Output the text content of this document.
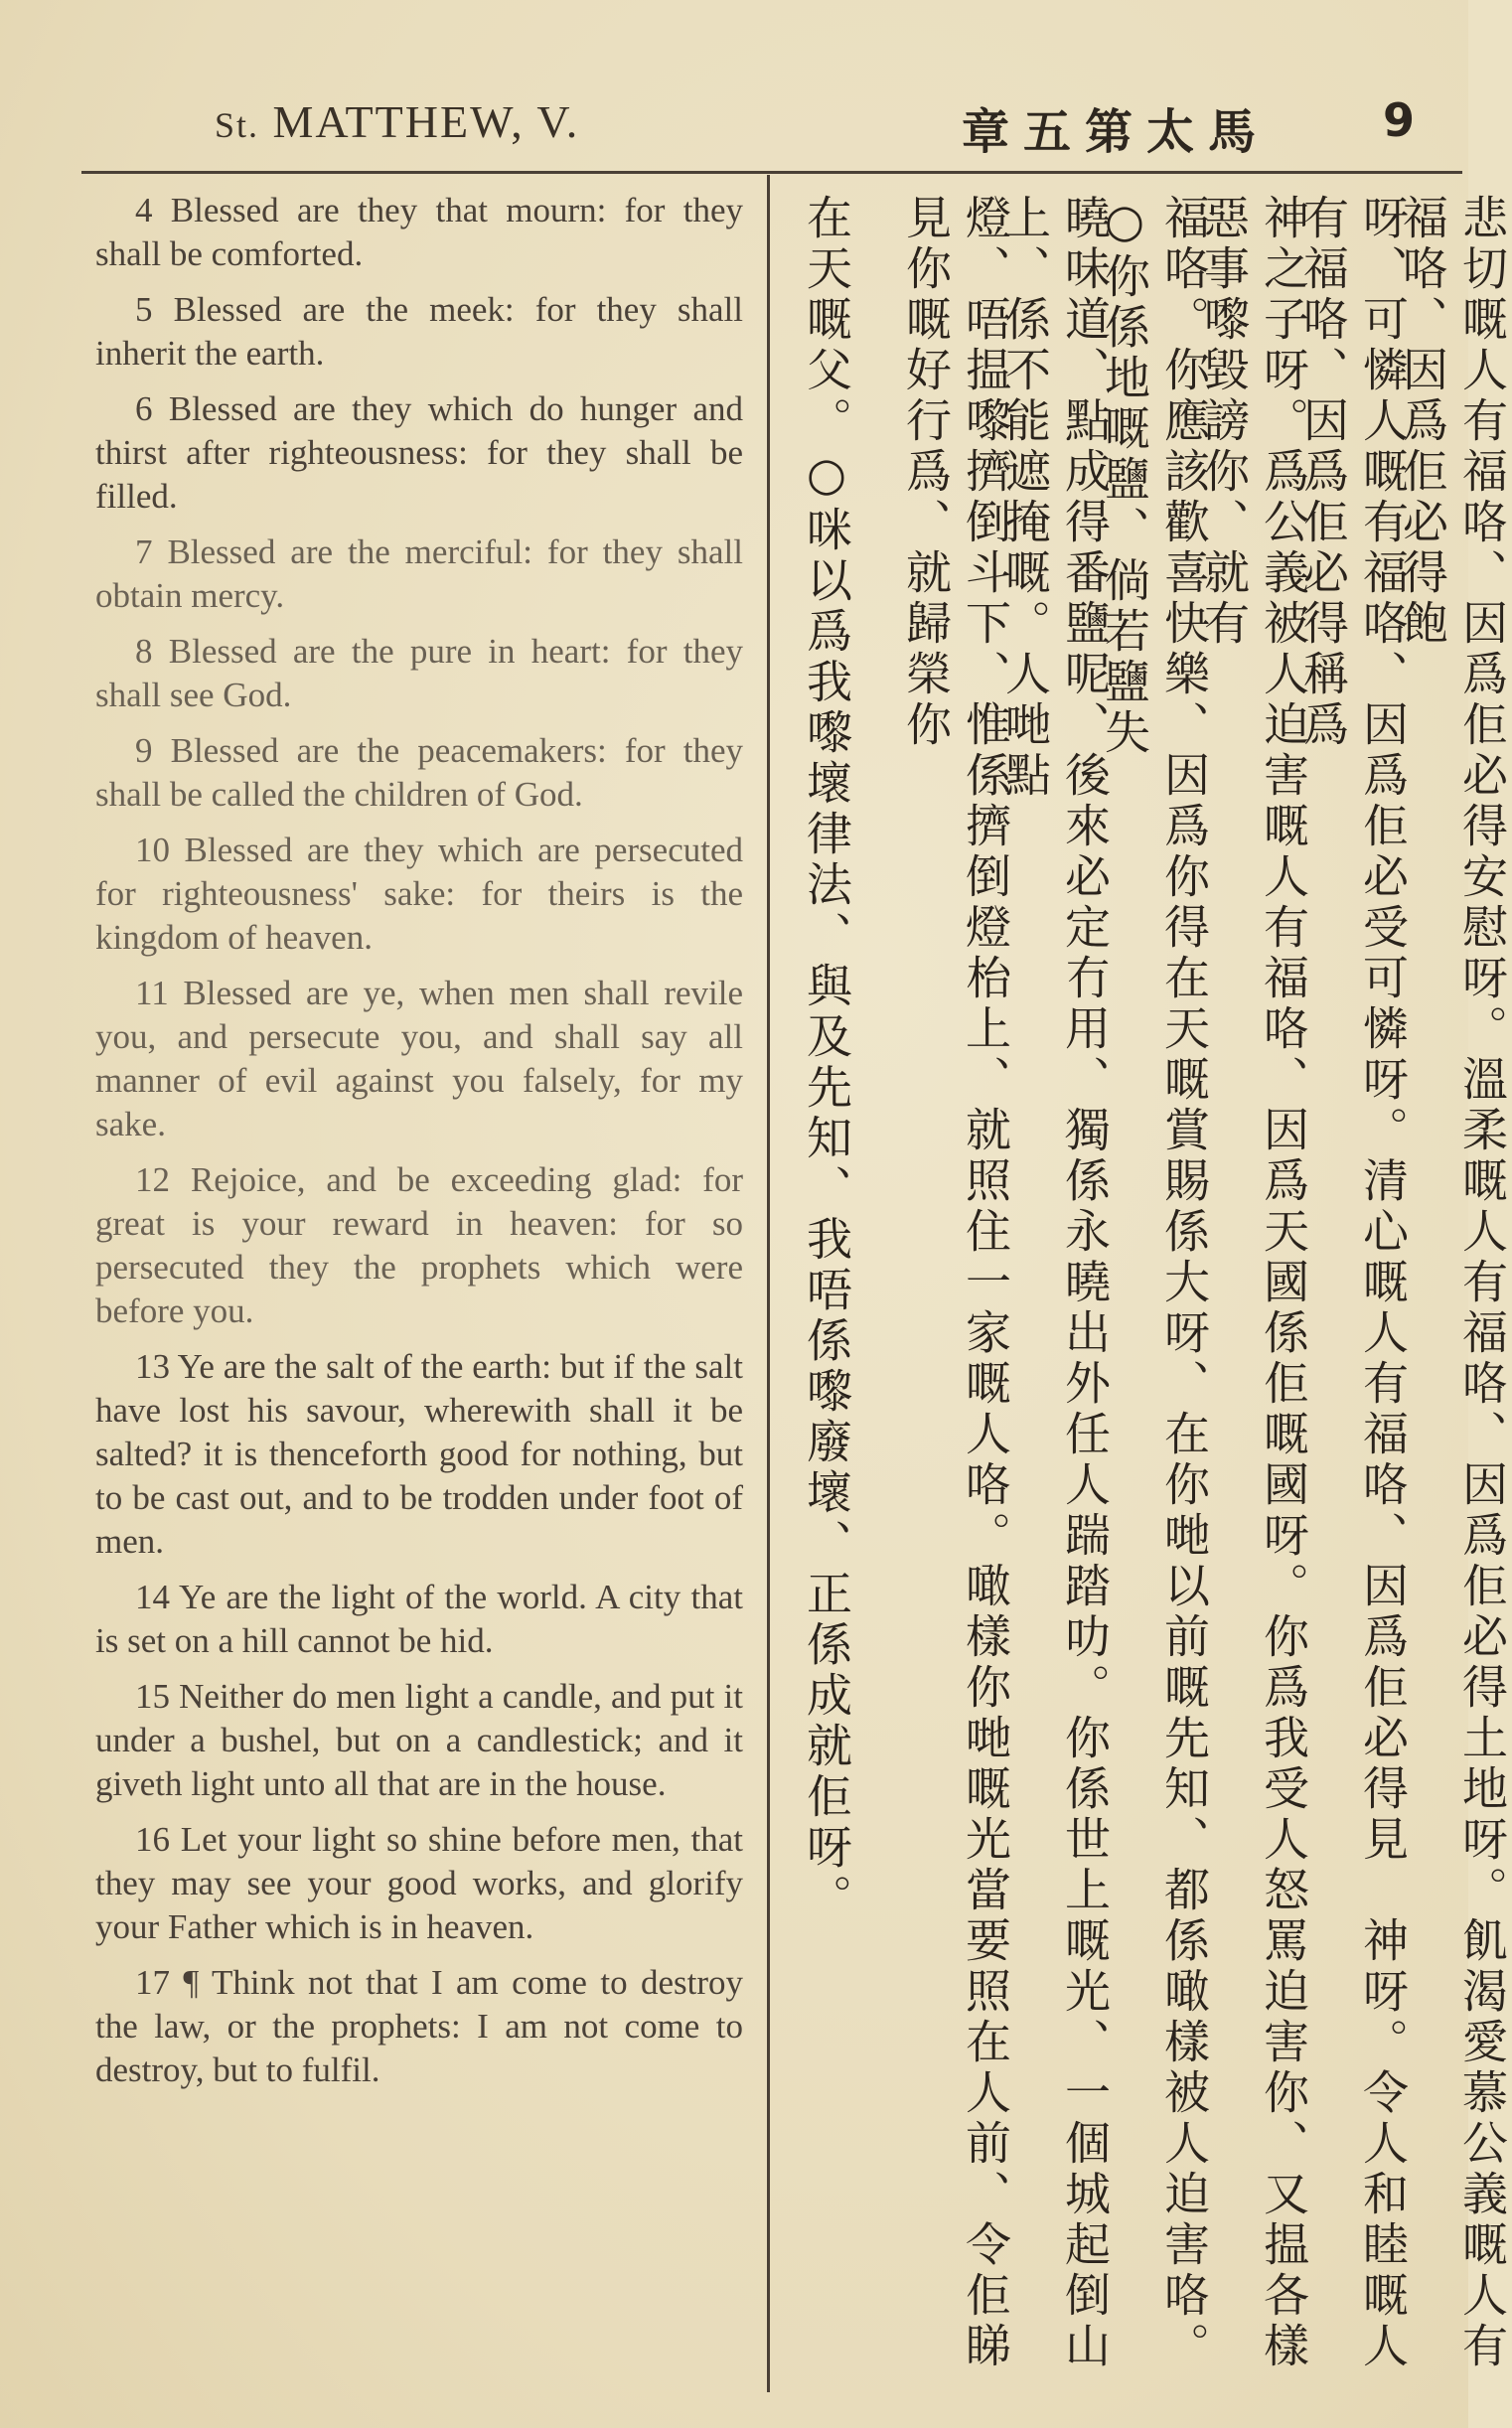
St. MATTHEW, V.	章五第太馬 9

4 Blessed are they that mourn: for they shall be comforted.

5 Blessed are the meek: for they shall inherit the earth.

6 Blessed are they which do hunger and thirst after righteousness: for they shall be filled.

7 Blessed are the merciful: for they shall obtain mercy.

8 Blessed are the pure in heart: for they shall see God.

9 Blessed are the peacemakers: for they shall be called the children of God.

10 Blessed are they which are persecuted for righteousness' sake: for theirs is the kingdom of heaven.

11 Blessed are ye, when men shall revile you, and persecute you, and shall say all manner of evil against you falsely, for my sake.

12 Rejoice, and be exceeding glad: for great is your reward in heaven: for so persecuted they the prophets which were before you.

13 Ye are the salt of the earth: but if the salt have lost his savour, wherewith shall it be salted? it is thenceforth good for nothing, but to be cast out, and to be trodden under foot of men.

14 Ye are the light of the world. A city that is set on a hill cannot be hid.

15 Neither do men light a candle, and put it under a bushel, but on a candlestick; and it giveth light unto all that are in the house.

16 Let your light so shine before men, that they may see your good works, and glorify your Father which is in heaven.

17 ¶ Think not that I am come to destroy the law, or the prophets: I am not come to destroy, but to fulfil.	悲切嘅人有福咯、因爲佢必得安慰呀。溫柔嘅人有福咯、因爲佢必得土地呀。飢渴愛慕公義嘅人有福咯、因爲佢必得飽
呀、可憐人嘅有福咯、因爲佢必受可憐呀。清心嘅人有福咯、因爲佢必得見　神呀。令人和睦嘅人有福咯、因爲佢必得稱爲
神之子呀。爲公義被人迫害嘅人有福咯、因爲天國係佢嘅國呀。你爲我受人怒罵迫害你、又揾各樣惡事嚟毀謗你、就有
福咯。你應該歡喜快樂、因爲你得在天嘅賞賜係大呀、在你哋以前嘅先知、都係噉樣被人迫害咯。○你係地嘅鹽、倘若鹽失
曉味道、點成得番鹽呢、後來必定冇用、獨係永曉出外任人踹踏叻。你係世上嘅光、一個城起倒山上、係不能遮掩嘅。人哋點
燈、唔揾嚟擠倒斗下、惟係擠倒燈枱上、就照住一家嘅人咯。噉樣你哋嘅光當要照在人前、令佢睇見你嘅好行爲、就歸榮你
在天嘅父。○咪以爲我嚟壞律法、與及先知、我唔係嚟廢壞、正係成就佢呀。
